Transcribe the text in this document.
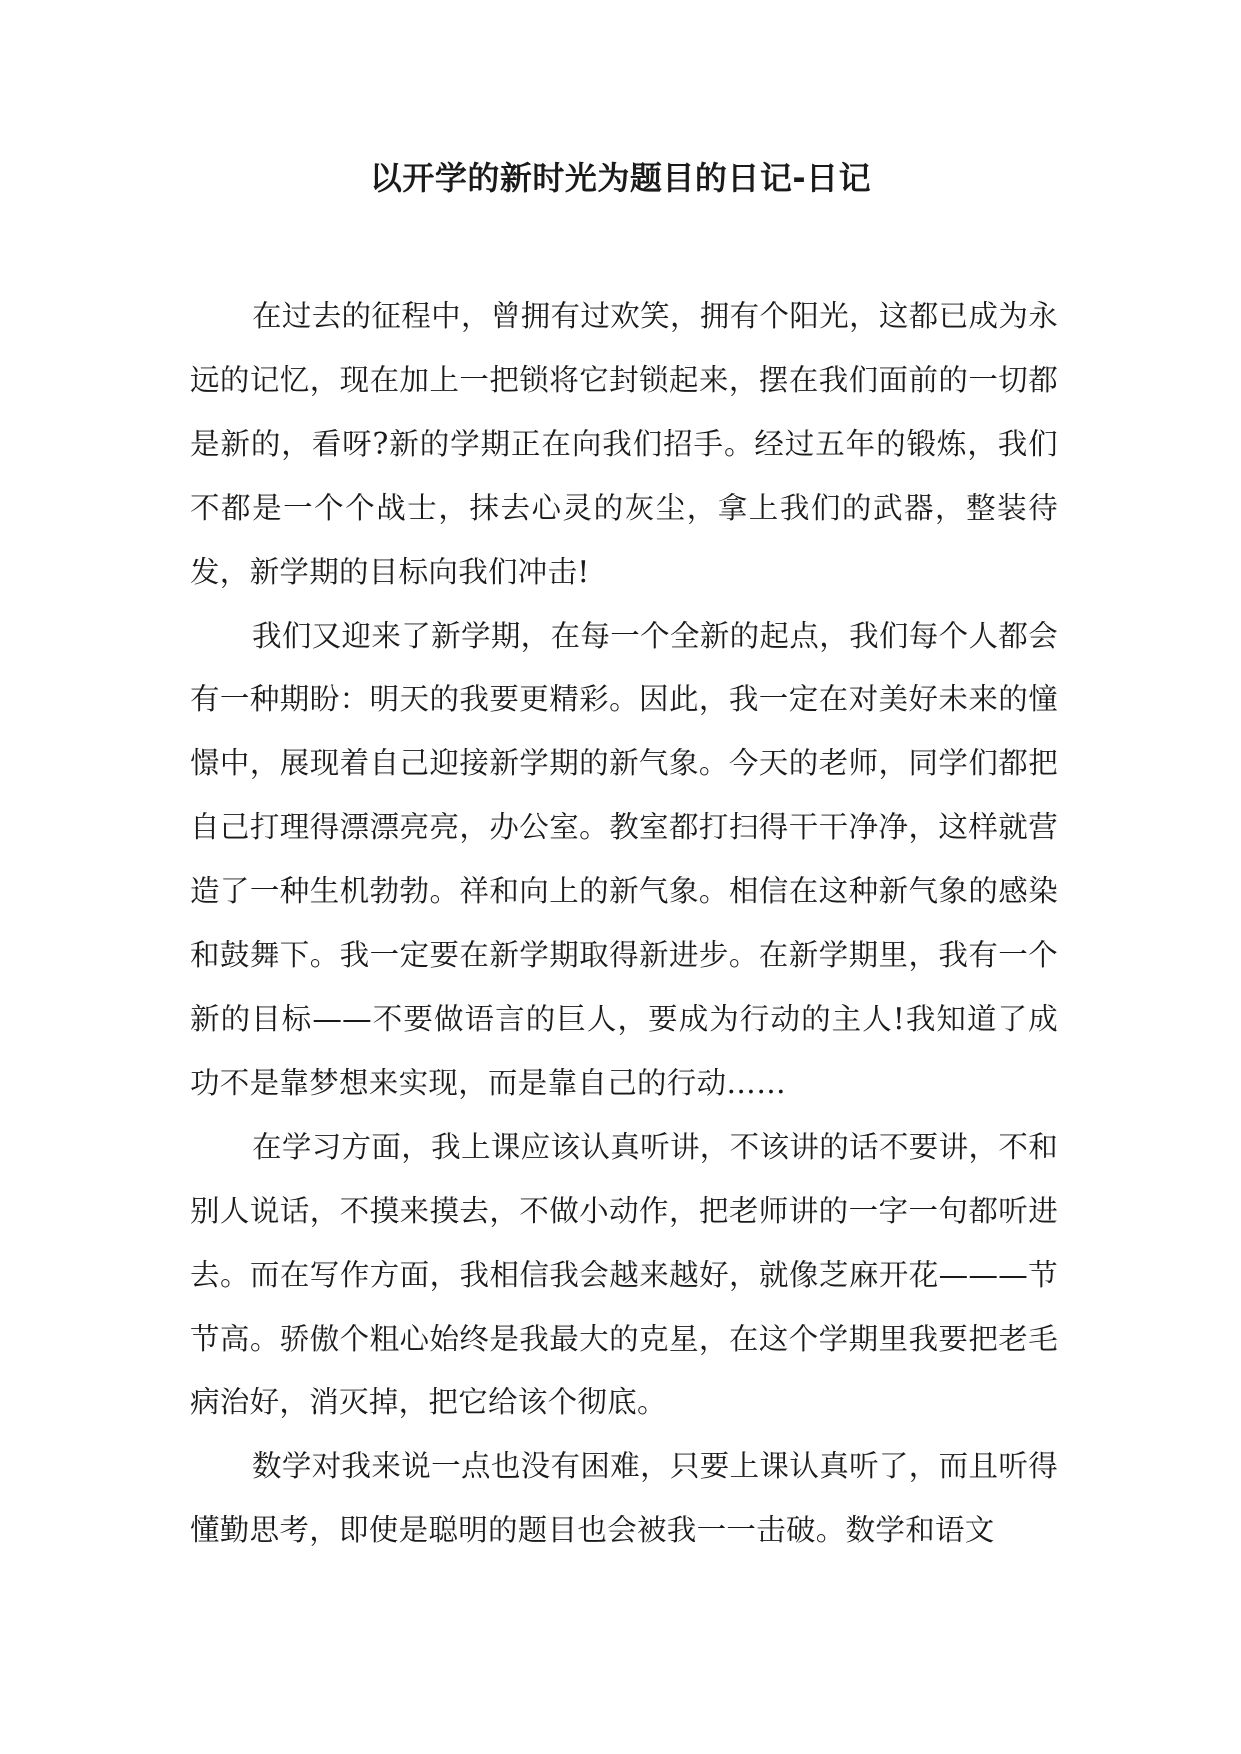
以开学的新时光为题目的日记-日记

在过去的征程中，曾拥有过欢笑，拥有个阳光，这都已成为永远的记忆，现在加上一把锁将它封锁起来，摆在我们面前的一切都是新的，看呀?新的学期正在向我们招手。经过五年的锻炼，我们不都是一个个战士，抹去心灵的灰尘，拿上我们的武器，整装待发，新学期的目标向我们冲击!

我们又迎来了新学期，在每一个全新的起点，我们每个人都会有一种期盼：明天的我要更精彩。因此，我一定在对美好未来的憧憬中，展现着自己迎接新学期的新气象。今天的老师，同学们都把自己打理得漂漂亮亮，办公室。教室都打扫得干干净净，这样就营造了一种生机勃勃。祥和向上的新气象。相信在这种新气象的感染和鼓舞下。我一定要在新学期取得新进步。在新学期里，我有一个新的目标——不要做语言的巨人，要成为行动的主人!我知道了成功不是靠梦想来实现，而是靠自己的行动……

在学习方面，我上课应该认真听讲，不该讲的话不要讲，不和别人说话，不摸来摸去，不做小动作，把老师讲的一字一句都听进去。而在写作方面，我相信我会越来越好，就像芝麻开花———节节高。骄傲个粗心始终是我最大的克星，在这个学期里我要把老毛病治好，消灭掉，把它给该个彻底。

数学对我来说一点也没有困难，只要上课认真听了，而且听得懂勤思考，即使是聪明的题目也会被我一一击破。数学和语文
